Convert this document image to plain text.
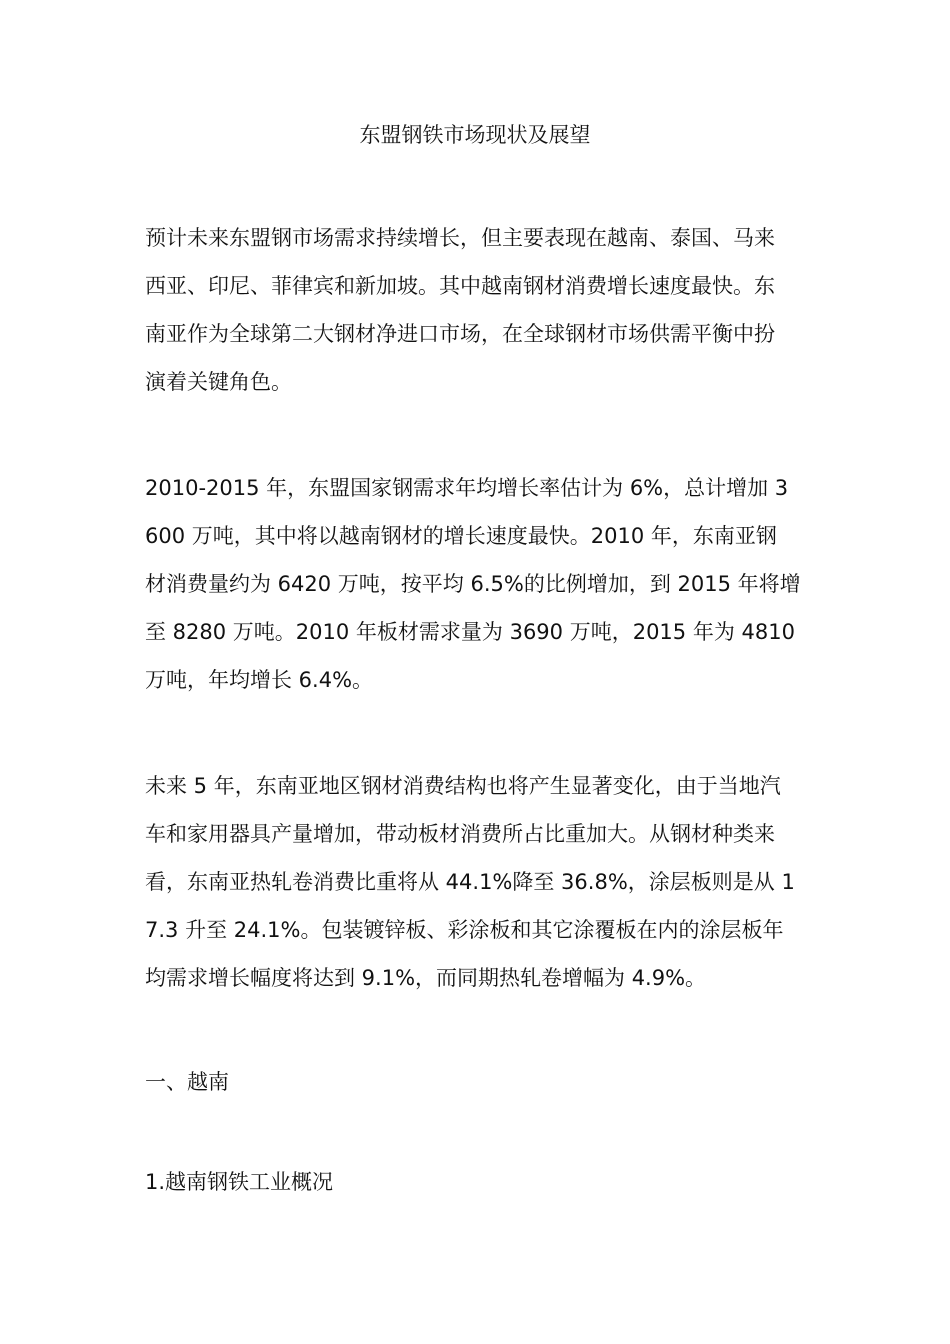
东盟钢铁市场现状及展望
预计未来东盟钢市场需求持续增长，但主要表现在越南、泰国、马来
西亚、印尼、菲律宾和新加坡。其中越南钢材消费增长速度最快。东
南亚作为全球第二大钢材净进口市场，在全球钢材市场供需平衡中扮
演着关键角色。
2010-2015 年，东盟国家钢需求年均增长率估计为 6%，总计增加 3
600 万吨，其中将以越南钢材的增长速度最快。2010 年，东南亚钢
材消费量约为 6420 万吨，按平均 6.5%的比例增加，到 2015 年将增
至 8280 万吨。2010 年板材需求量为 3690 万吨，2015 年为 4810
万吨，年均增长 6.4%。
未来 5 年，东南亚地区钢材消费结构也将产生显著变化，由于当地汽
车和家用器具产量增加，带动板材消费所占比重加大。从钢材种类来
看，东南亚热轧卷消费比重将从 44.1%降至 36.8%，涂层板则是从 1
7.3 升至 24.1%。包装镀锌板、彩涂板和其它涂覆板在内的涂层板年
均需求增长幅度将达到 9.1%，而同期热轧卷增幅为 4.9%。
一、越南
1.越南钢铁工业概况
